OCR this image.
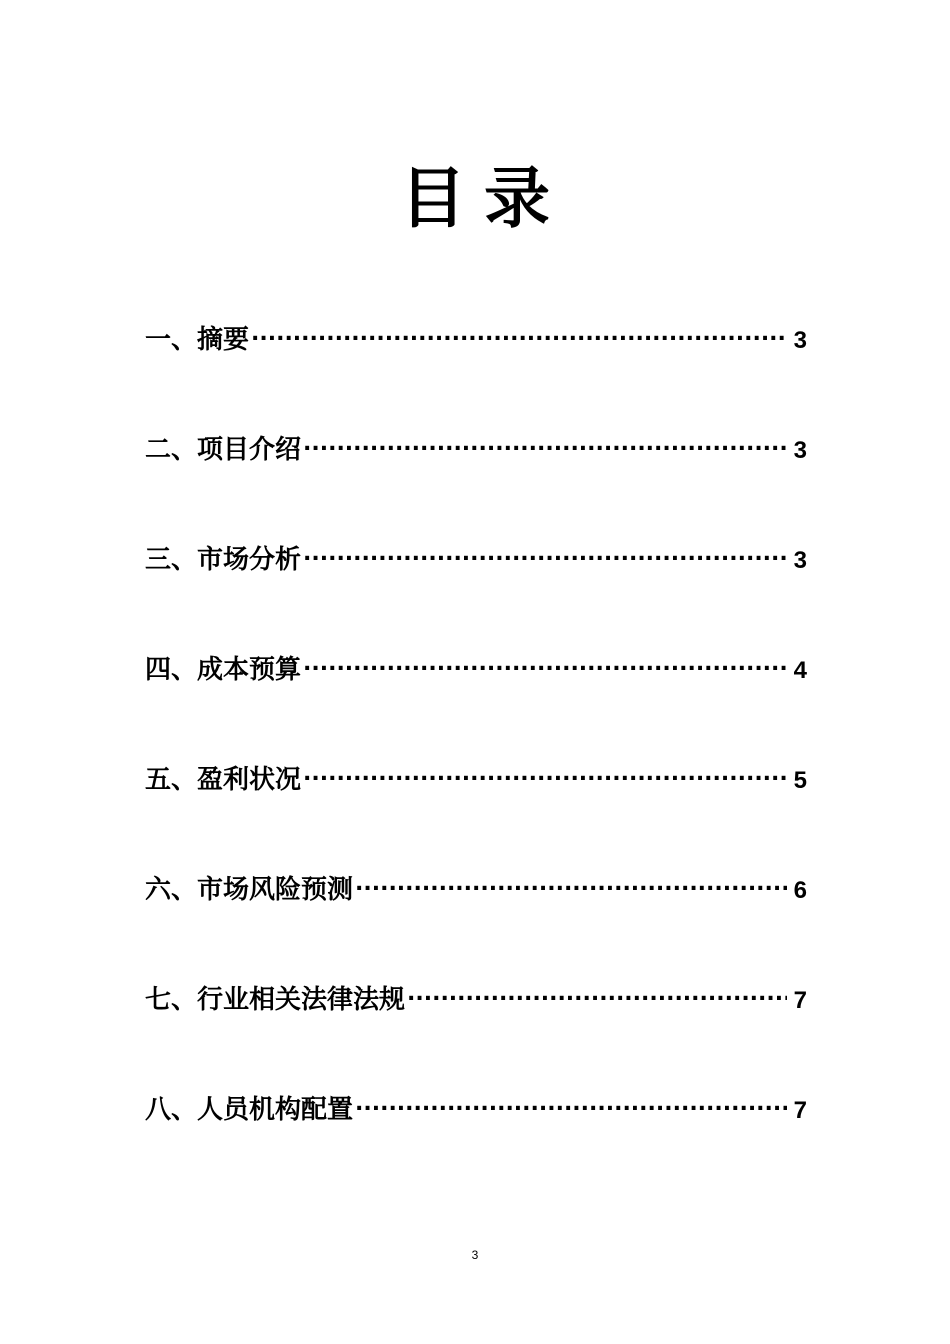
目录
一、摘要 .....	3
二、项目介绍 .....	3
三、市场分析 .....	3
四、成本预算 .....	4
五、盈利状况 .....	5
六、市场风险预测 .....	6
七、行业相关法律法规 .....	7
八、人员机构配置 .....	7
3
